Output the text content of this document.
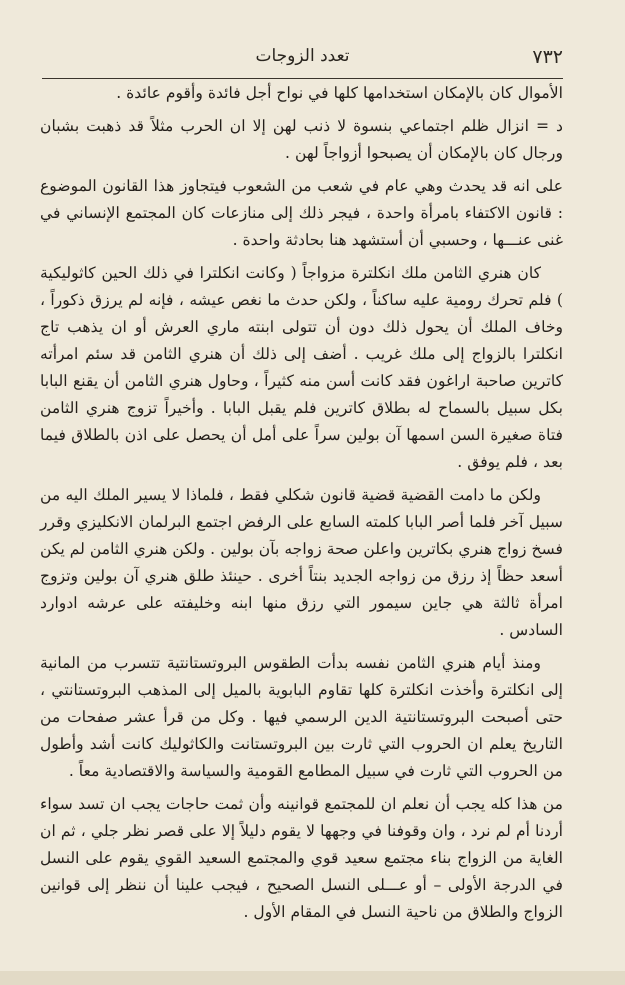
٧٣٢
تعدد الزوجات

الأموال كان بالإمكان استخدامها كلها في نواح أجل فائدة وأقوم عائدة .

د = انزال ظلم اجتماعي بنسوة لا ذنب لهن إلا ان الحرب مثلاً قد ذهبت بشبان ورجال كان بالإمكان أن يصبحوا أزواجاً لهن .

على انه قد يحدث وهي عام في شعب من الشعوب فيتجاوز هذا القانون الموضوع : قانون الاكتفاء بامرأة واحدة ، فيجر ذلك إلى منازعات كان المجتمع الإنساني في غنى عنـــها ، وحسبي أن أستشهد هنا بحادثة واحدة .

كان هنري الثامن ملك انكلترة مزواجاً ( وكانت انكلترا في ذلك الحين كاثوليكية ) فلم تحرك رومية عليه ساكناً ، ولكن حدث ما نغص عيشه ، فإنه لم يرزق ذكوراً ، وخاف الملك أن يحول ذلك دون أن تتولى ابنته ماري العرش أو ان يذهب تاج انكلترا بالزواج إلى ملك غريب . أضف إلى ذلك أن هنري الثامن قد سئم امرأته كاترين صاحبة اراغون فقد كانت أسن منه كثيراً ، وحاول هنري الثامن أن يقنع البابا بكل سبيل بالسماح له بطلاق كاترين فلم يقبل البابا . وأخيراً تزوج هنري الثامن فتاة صغيرة السن اسمها آن بولين سراً على أمل أن يحصل على اذن بالطلاق فيما بعد ، فلم يوفق .

ولكن ما دامت القضية قضية قانون شكلي فقط ، فلماذا لا يسير الملك اليه من سبيل آخر فلما أصر البابا كلمته السابع على الرفض اجتمع البرلمان الانكليزي وقرر فسخ زواج هنري بكاترين واعلن صحة زواجه بآن بولين . ولكن هنري الثامن لم يكن أسعد حظاً إذ رزق من زواجه الجديد بنتاً أخرى . حينئذ طلق هنري آن بولين وتزوج امرأة ثالثة هي جاين سيمور التي رزق منها ابنه وخليفته على عرشه ادوارد السادس .

ومنذ أيام هنري الثامن نفسه بدأت الطقوس البروتستانتية تتسرب من المانية إلى انكلترة وأخذت انكلترة كلها تقاوم البابوية بالميل إلى المذهب البروتستانتي ، حتى أصبحت البروتستانتية الدين الرسمي فيها . وكل من قرأ عشر صفحات من التاريخ يعلم ان الحروب التي ثارت بين البروتستانت والكاثوليك كانت أشد وأطول من الحروب التي ثارت في سبيل المطامع القومية والسياسة والاقتصادية معاً .

من هذا كله يجب أن نعلم ان للمجتمع قوانينه وأن ثمت حاجات يجب ان تسد سواء أردنا أم لم نرد ، وان وقوفنا في وجهها لا يقوم دليلاً إلا على قصر نظر جلي ، ثم ان الغاية من الزواج بناء مجتمع سعيد قوي والمجتمع السعيد القوي يقوم على النسل في الدرجة الأولى – أو عـــلى النسل الصحيح ، فيجب علينا أن ننظر إلى قوانين الزواج والطلاق من ناحية النسل في المقام الأول .
